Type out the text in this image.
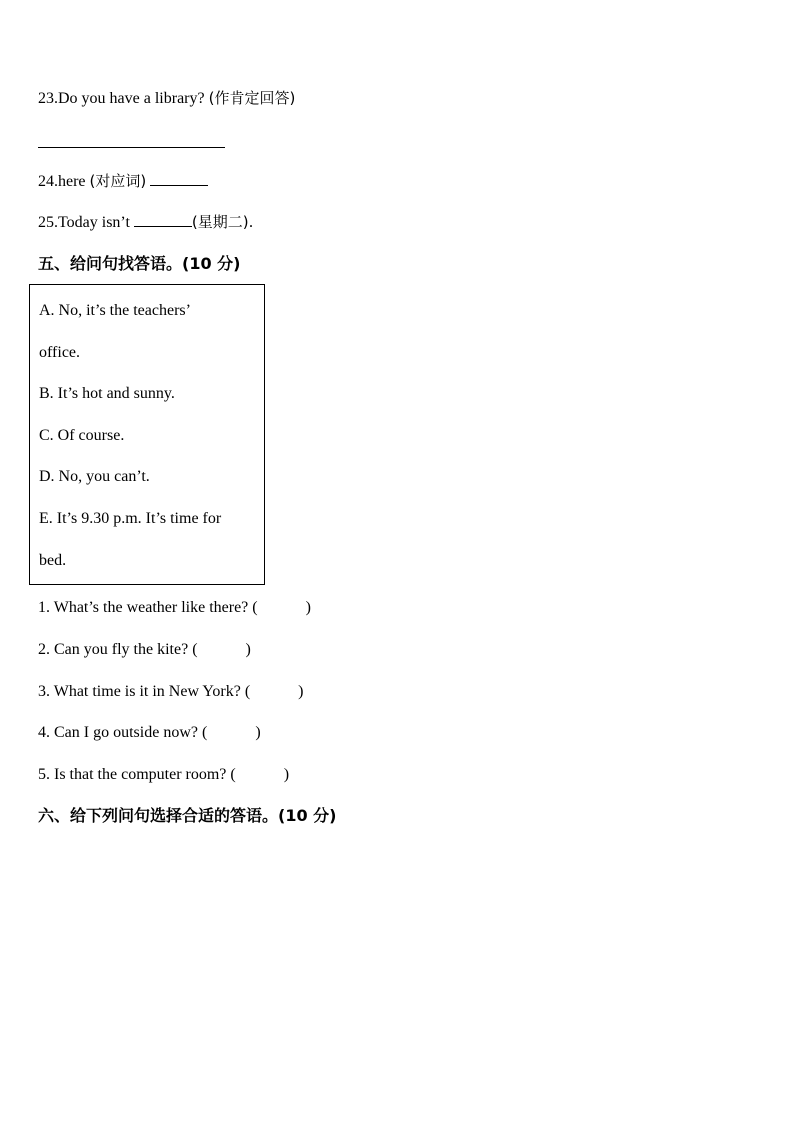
23.Do you have a library? (作肯定回答)
24.here (对应词)
25.Today isn’t	(星期二).
五、给问句找答语。(10 分)
A. No, it’s the teachers’
office.
B. It’s hot and sunny.
C. Of course.
D. No, you can’t.
E. It’s 9.30 p.m. It’s time for
bed.
1. What’s the weather like there? (            )
2. Can you fly the kite? (            )
3. What time is it in New York? (            )
4. Can I go outside now? (            )
5. Is that the computer room? (            )
六、给下列问句选择合适的答语。(10 分)
